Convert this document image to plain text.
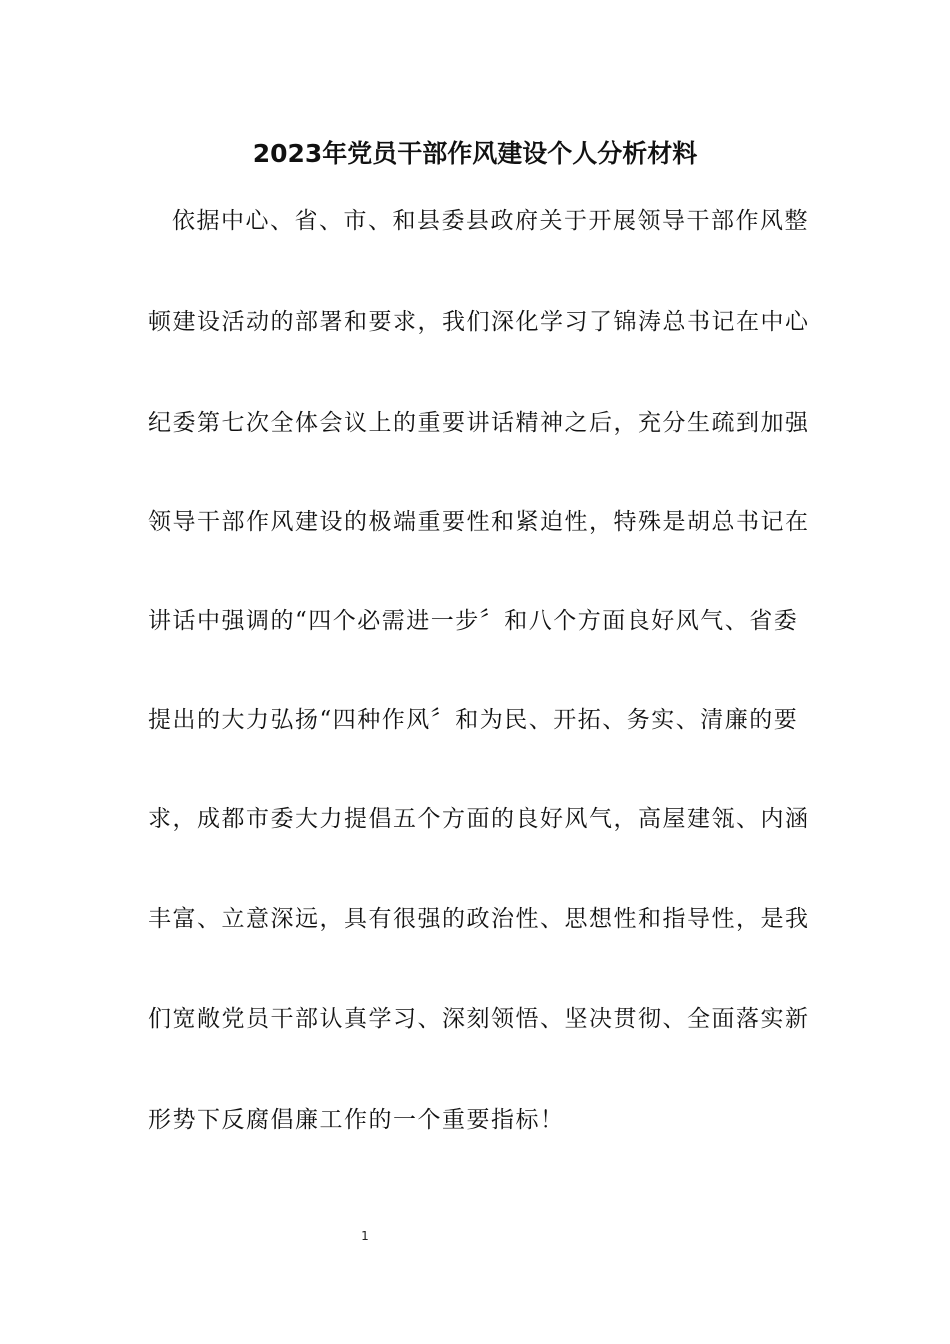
2023年党员干部作风建设个人分析材料
依据中心、省、市、和县委县政府关于开展领导干部作风整
顿建设活动的部署和要求，我们深化学习了锦涛总书记在中心
纪委第七次全体会议上的重要讲话精神之后，充分生疏到加强
领导干部作风建设的极端重要性和紧迫性，特殊是胡总书记在
讲话中强调的“四个必需进一步〞和八个方面良好风气、省委
提出的大力弘扬“四种作风〞和为民、开拓、务实、清廉的要
求，成都市委大力提倡五个方面的良好风气，高屋建瓴、内涵
丰富、立意深远，具有很强的政治性、思想性和指导性，是我
们宽敞党员干部认真学习、深刻领悟、坚决贯彻、全面落实新
形势下反腐倡廉工作的一个重要指标！
1
